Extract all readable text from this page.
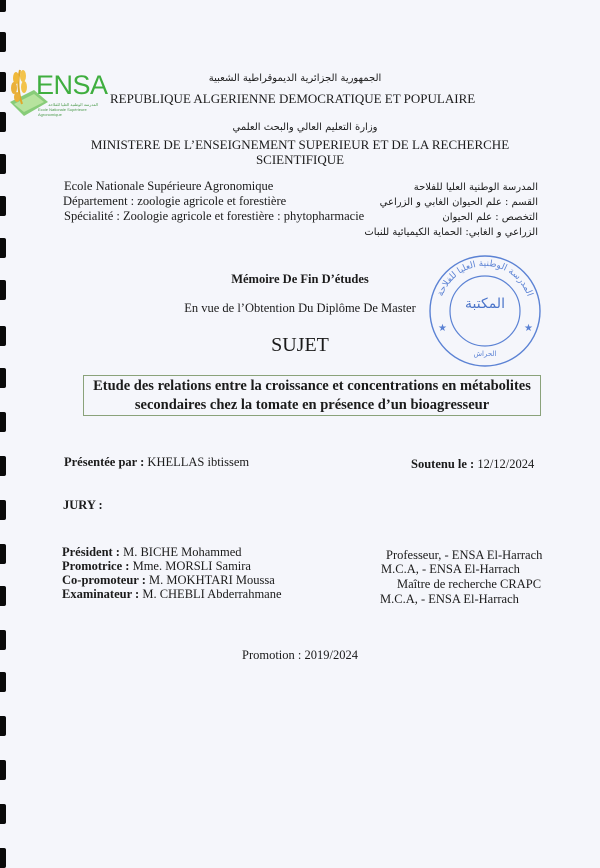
ENSA
المدرسة الوطنية العليا للفلاحة
Ecole Nationale Supérieure Agronomique
الجمهورية الجزائرية الديموقراطية الشعبية
REPUBLIQUE ALGERIENNE DEMOCRATIQUE ET POPULAIRE
وزارة التعليم العالي والبحث العلمي
MINISTERE DE L’ENSEIGNEMENT SUPERIEUR ET DE LA RECHERCHE
SCIENTIFIQUE
Ecole Nationale Supérieure Agronomique
Département : zoologie agricole et forestière
Spécialité : Zoologie agricole et forestière : phytopharmacie
المدرسة الوطنية العليا للفلاحة
القسم : علم الحيوان الغابي و الزراعي
التخصص : علم الحيوان
الزراعي و الغابي: الحماية الكيميائية للنبات
المدرسة الوطنية العليا للفلاحة
★	★
المكتبة
الحراش
Mémoire De Fin D’études
En vue de l’Obtention Du Diplôme De Master
SUJET
Etude des relations entre la croissance et concentrations en métabolites
secondaires chez la tomate en présence d’un bioagresseur
Présentée par : KHELLAS ibtissem	Soutenu le : 12/12/2024
JURY :
Président : M. BICHE Mohammed
Promotrice : Mme. MORSLI Samira
Co-promoteur : M. MOKHTARI Moussa
Examinateur : M. CHEBLI Abderrahmane
Professeur, - ENSA El-Harrach
M.C.A, - ENSA El-Harrach
Maître de recherche CRAPC
M.C.A, - ENSA El-Harrach
Promotion : 2019/2024
